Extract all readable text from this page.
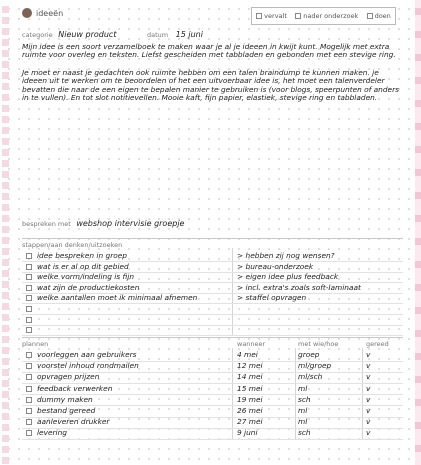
ideeën	vervalt	nader onderzoek	doen
categorie Nieuw product	datum 15 juni

Mijn idee is een soort verzamelboek te maken waar je al je ideeen in kwijt kunt. Mogelijk met extra ruimte voor overleg en teksten. Liefst gescheiden met tabbladen en gebonden met een stevige ring.

Je moet er naast je gedachten ook ruimte hebben om een talen braindump te kunnen maken. je ideeen uit te werken om te beoordelen of het een uitvoerbaar idee is, het moet een talenverdeler bevatten die naar de een eigen te bepalen manier te gebruiken is (voor blogs, speerpunten of anders in te vullen). En tot slot notitievellen. Mooie kaft, fijn papier, elastiek, stevige ring en tabbladen.

bespreken met webshop intervisie groepje
stappen/aan denken/uitzoeken
idee bespreken in groep	> hebben zij nog wensen?
wat is er al op dit gebied	> bureau-onderzoek
welke vorm/indeling is fijn	> eigen idee plus feedback
wat zijn de productiekosten	> incl. extra's zoals soft-laminaat
welke aantallen moet ik minimaal afnemen	> staffel opvragen
plannen	wanneer	met wie/hoe	gereed
voorleggen aan gebruikers	4 mei	groep	v
voorstel inhoud rondmailen	12 mei	ml/groep	v
opvragen prijzen	14 mei	ml/sch	v
feedback verwerken	15 mei	ml	v
dummy maken	19 mei	sch	v
bestand gereed	26 mei	ml	v
aanleveren drukker	27 mei	ml	v
levering	9 juni	sch	v
